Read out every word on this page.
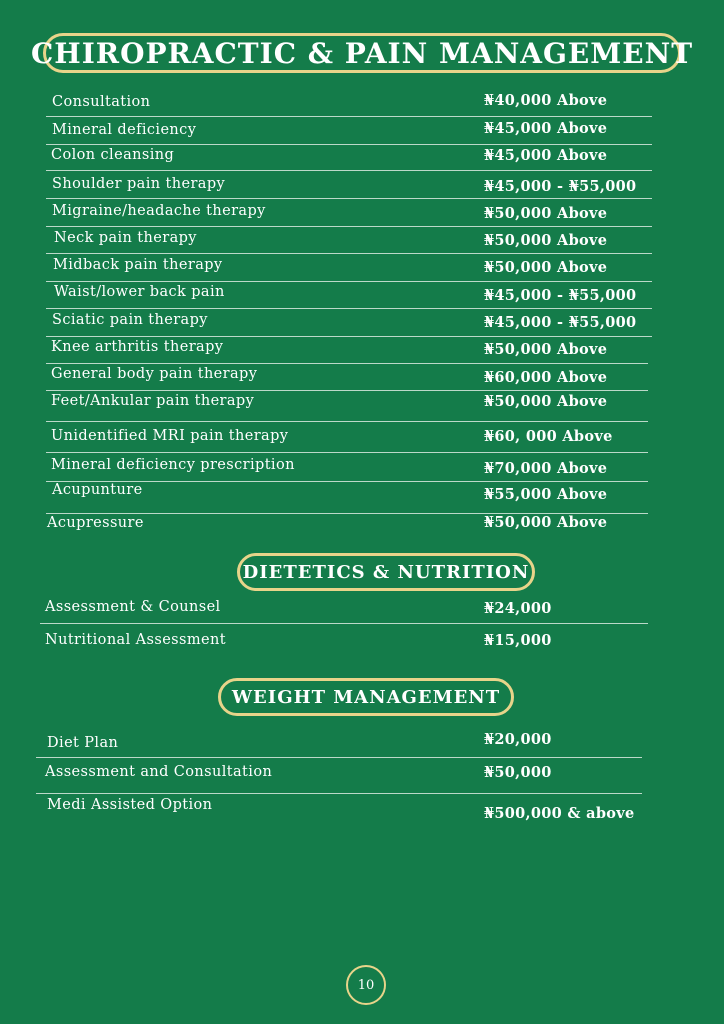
CHIROPRACTIC & PAIN MANAGEMENT
Consultation	₦40,000 Above
Mineral deficiency	₦45,000 Above
Colon cleansing	₦45,000 Above
Shoulder pain therapy	₦45,000 - ₦55,000
Migraine/headache therapy	₦50,000 Above
Neck pain therapy	₦50,000 Above
Midback pain therapy	₦50,000 Above
Waist/lower back pain	₦45,000 - ₦55,000
Sciatic pain therapy	₦45,000 - ₦55,000
Knee arthritis therapy	₦50,000 Above
General body pain therapy	₦60,000 Above
Feet/Ankular pain therapy	₦50,000 Above
Unidentified MRI pain therapy	₦60, 000 Above
Mineral deficiency prescription	₦70,000 Above
Acupunture	₦55,000 Above
Acupressure	₦50,000 Above
DIETETICS & NUTRITION
Assessment & Counsel	₦24,000
Nutritional Assessment	₦15,000
WEIGHT MANAGEMENT
Diet Plan	₦20,000
Assessment and Consultation	₦50,000
Medi Assisted Option	₦500,000 & above
10
